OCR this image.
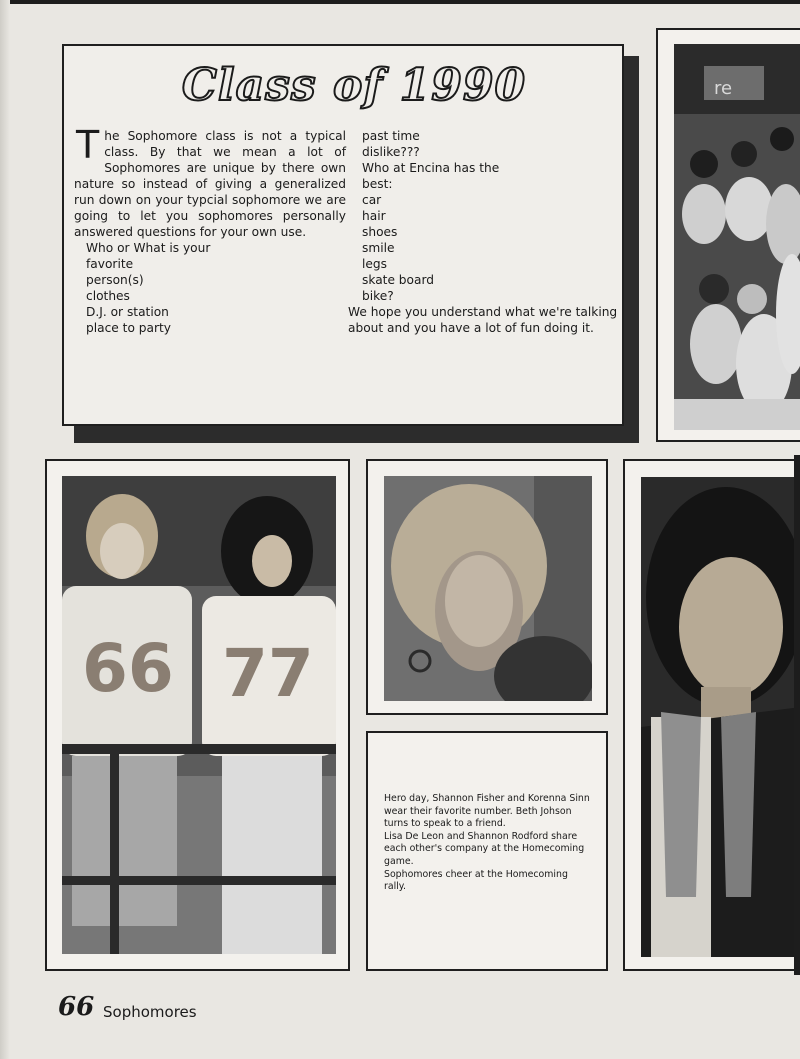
Class of 1990
The Sophomore class is not a typical class. By that we mean a lot of Sophomores are unique by there own nature so instead of giving a generalized run down on your typcial sophomore we are going to let you sophomores personally answered questions for your own use.
Who or What is your
favorite
person(s)
clothes
D.J. or station
place to party
past time
dislike???
Who at Encina has the
best:
car
hair
shoes
smile
legs
skate board
bike?
We hope you understand what we're talking about and you have a lot of fun doing it.
re
66 77

Hero day, Shannon Fisher and Korenna Sinn wear their favorite number. Beth Johson turns to speak to a friend.

Lisa De Leon and Shannon Rodford share each other's company at the Homecoming game.

Sophomores cheer at the Homecoming rally.

66 Sophomores
